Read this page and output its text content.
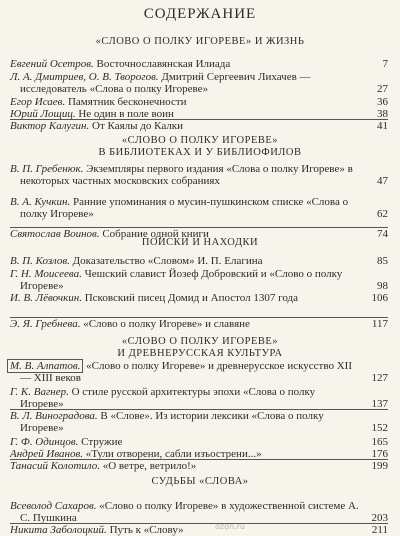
СОДЕРЖАНИЕ
«СЛОВО О ПОЛКУ ИГОРЕВЕ» И ЖИЗНЬ
Евгений Осетров. Восточнославянская Илиада	7
Л. А. Дмитриев, О. В. Творогов. Дмитрий Сергеевич Лихачев — исследователь «Слова о полку Игореве»	27
Егор Исаев. Памятник бесконечности	36
Юрий Лощиц. Не один в поле воин	38
Виктор Калугин. От Каялы до Калки	41
«СЛОВО О ПОЛКУ ИГОРЕВЕ»
В БИБЛИОТЕКАХ И У БИБЛИОФИЛОВ
В. П. Гребенюк. Экземпляры первого издания «Слова о полку Игореве» в некоторых частных московских собраниях	47
В. А. Кучкин. Ранние упоминания о мусин-пушкинском списке «Слова о полку Игореве»	62
Святослав Воинов. Собрание одной книги	74
ПОИСКИ И НАХОДКИ
В. П. Козлов. Доказательство «Словом» И. П. Елагина	85
Г. Н. Моисеева. Чешский славист Йозеф Добровский и «Слово о полку Игореве»	98
И. В. Лёвочкин. Псковский писец Домид и Апостол 1307 года	106
Э. Я. Гребнева. «Слово о полку Игореве» и славяне	117
«СЛОВО О ПОЛКУ ИГОРЕВЕ»
И ДРЕВНЕРУССКАЯ КУЛЬТУРА
М. В. Алпатов. «Слово о полку Игореве» и древнерусское искусство XII — XIII веков	127
Г. К. Вагнер. О стиле русской архитектуры эпохи «Слова о полку Игореве»	137
В. Л. Виноградова. В «Слове». Из истории лексики «Слова о полку Игореве»	152
Г. Ф. Одинцов. Стружие	165
Андрей Иванов. «Тули отворени, сабли изъострени...»	176
Танасий Колотило. «О ветре, ветрило!»	199
СУДЬБЫ «СЛОВА»
Всеволод Сахаров. «Слово о полку Игореве» в художественной системе А. С. Пушкина	203
Никита Заболоцкий. Путь к «Слову»	211
ozon.ru
